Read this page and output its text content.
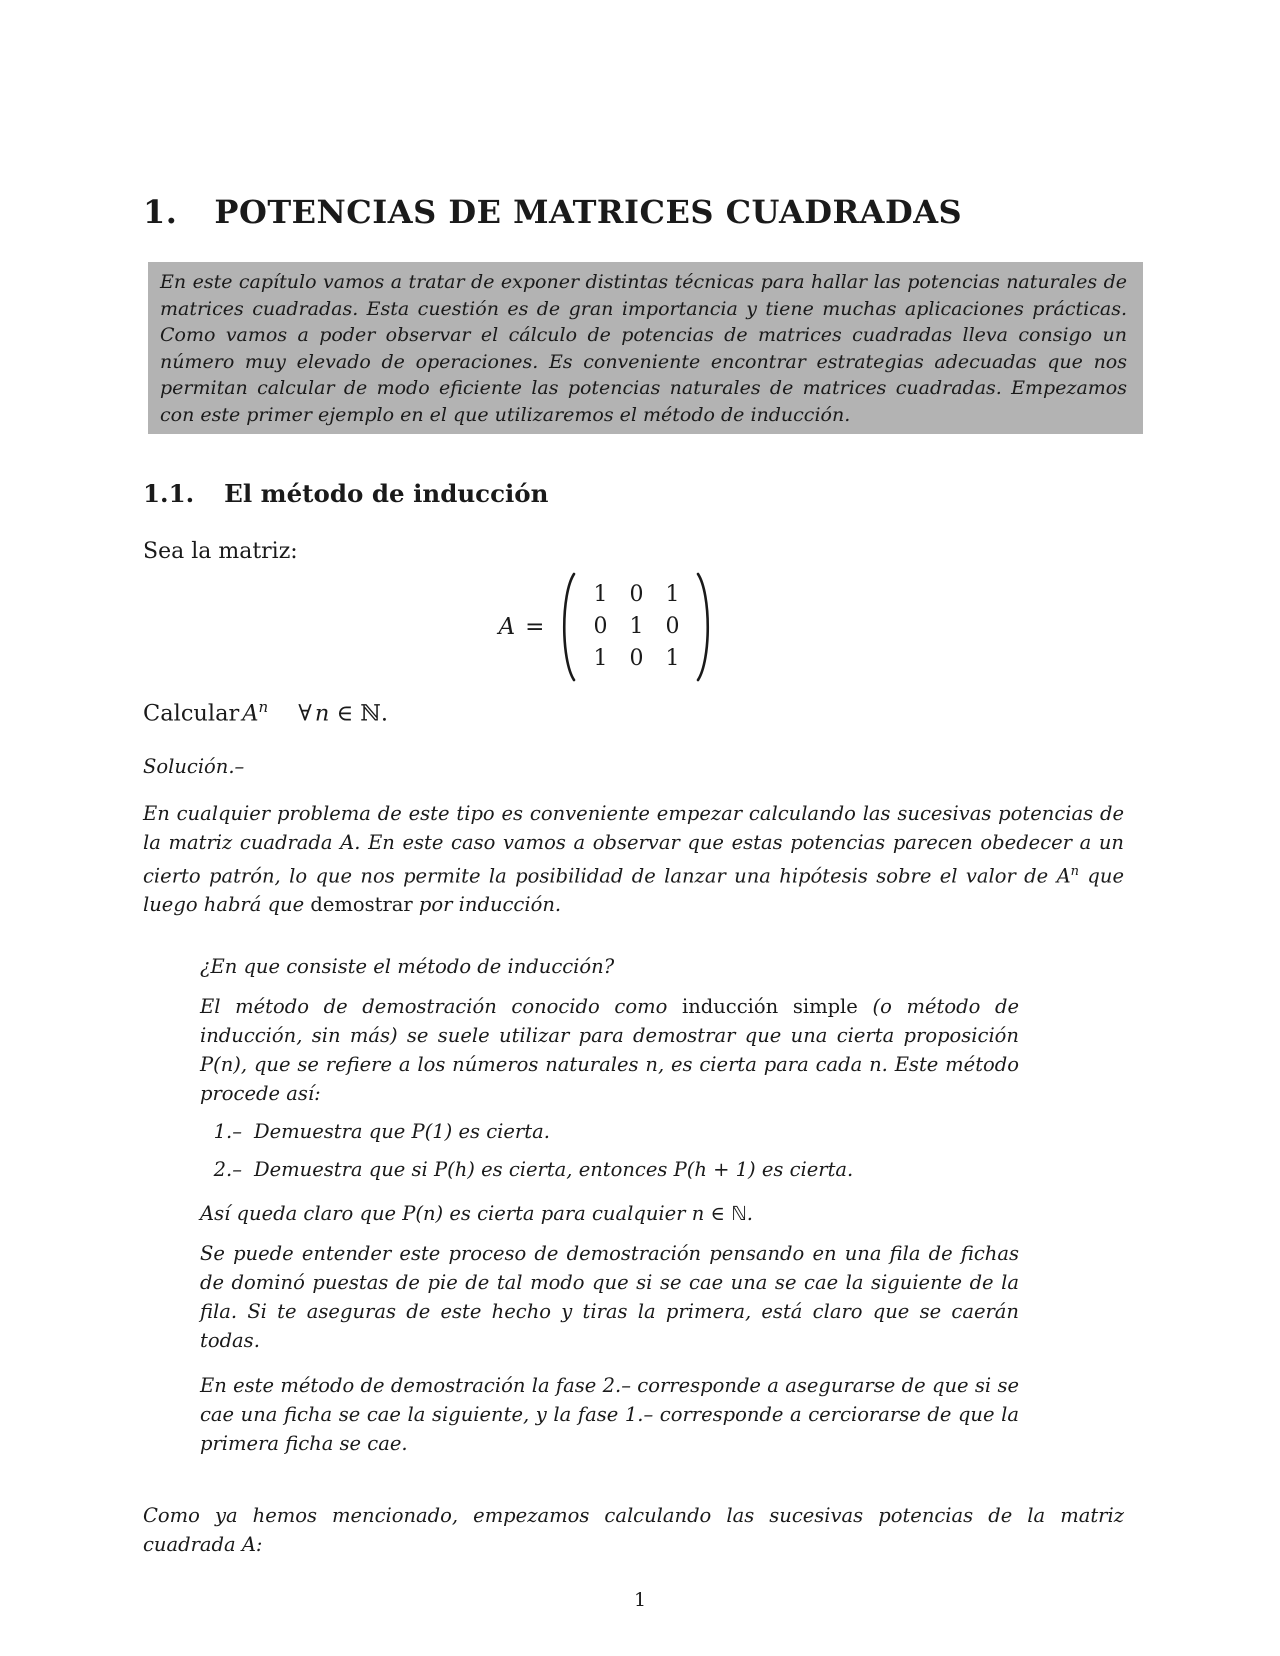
1. POTENCIAS DE MATRICES CUADRADAS
En este capítulo vamos a tratar de exponer distintas técnicas para hallar las potencias naturales de matrices cuadradas. Esta cuestión es de gran importancia y tiene muchas aplicaciones prácticas. Como vamos a poder observar el cálculo de potencias de matrices cuadradas lleva consigo un número muy elevado de operaciones. Es conveniente encontrar estrategias adecuadas que nos permitan calcular de modo eficiente las potencias naturales de matrices cuadradas. Empezamos con este primer ejemplo en el que utilizaremos el método de inducción.
1.1. El método de inducción

Sea la matriz:

A =
1 0 1
0 1 0
1 0 1

Calcular $A^n$ ∀ n ∈ ℕ.

Solución.–

En cualquier problema de este tipo es conveniente empezar calculando las sucesivas potencias de la matriz cuadrada A. En este caso vamos a observar que estas potencias parecen obedecer a un cierto patrón, lo que nos permite la posibilidad de lanzar una hipótesis sobre el valor de $A^n$ que luego habrá que demostrar por inducción.

¿En que consiste el método de inducción?

El método de demostración conocido como inducción simple (o método de inducción, sin más) se suele utilizar para demostrar que una cierta proposición P(n), que se refiere a los números naturales n, es cierta para cada n. Este método procede así:

1.– Demuestra que P(1) es cierta.
2.– Demuestra que si P(h) es cierta, entonces P(h + 1) es cierta.

Así queda claro que P(n) es cierta para cualquier n ∈ ℕ.

Se puede entender este proceso de demostración pensando en una fila de fichas de dominó puestas de pie de tal modo que si se cae una se cae la siguiente de la fila. Si te aseguras de este hecho y tiras la primera, está claro que se caerán todas.

En este método de demostración la fase 2.– corresponde a asegurarse de que si se cae una ficha se cae la siguiente, y la fase 1.– corresponde a cerciorarse de que la primera ficha se cae.

Como ya hemos mencionado, empezamos calculando las sucesivas potencias de la matriz cuadrada A:

1
